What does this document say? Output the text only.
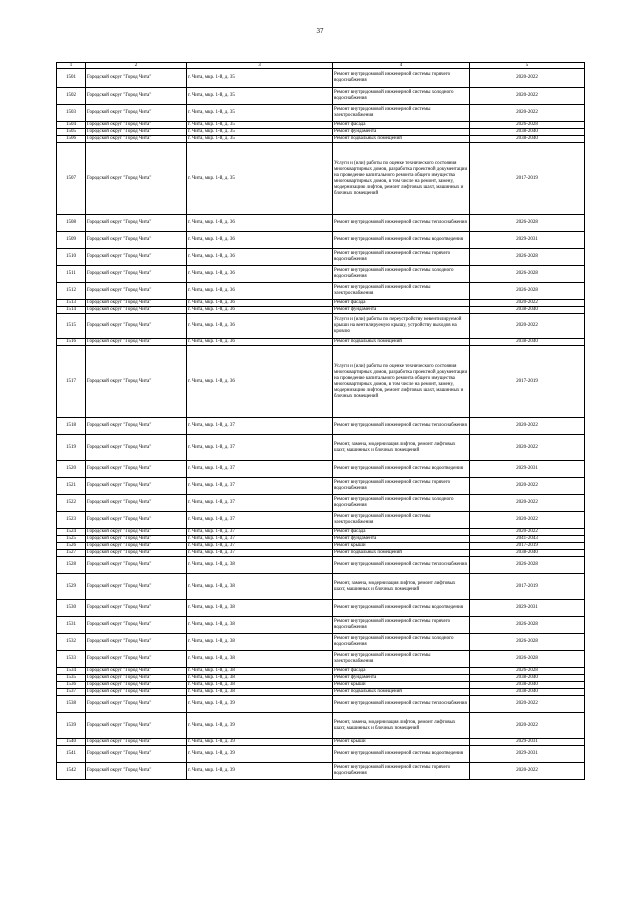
37
1	2	3	4	5
1501	Городской округ "Город Чита"	г. Чита, мкр. 1-й, д. 35	Ремонт внутридомовой инженерной системы горячего водоснабжения	2020-2022
1502	Городской округ "Город Чита"	г. Чита, мкр. 1-й, д. 35	Ремонт внутридомовой инженерной системы холодного водоснабжения	2020-2022
1503	Городской округ "Город Чита"	г. Чита, мкр. 1-й, д. 35	Ремонт внутридомовой инженерной системы электроснабжения	2020-2022
1504	Городской округ "Город Чита"	г. Чита, мкр. 1-й, д. 35	Ремонт фасада	2026-2028
1505	Городской округ "Город Чита"	г. Чита, мкр. 1-й, д. 35	Ремонт фундамента	2038-2040
1506	Городской округ "Город Чита"	г. Чита, мкр. 1-й, д. 35	Ремонт подвальных помещений	2038-2040
1507	Городской округ "Город Чита"	г. Чита, мкр. 1-й, д. 35	Услуги и (или) работы по оценке технического состояния многоквартирных домов, разработка проектной документации на проведение капитального ремонта общего имущества многоквартирных домов, в том числе на ремонт, замену, модернизацию лифтов, ремонт лифтовых шахт, машинных и блочных помещений	2017-2019
1508	Городской округ "Город Чита"	г. Чита, мкр. 1-й, д. 36	Ремонт внутридомовой инженерной системы теплоснабжения	2026-2028
1509	Городской округ "Город Чита"	г. Чита, мкр. 1-й, д. 36	Ремонт внутридомовой инженерной системы водоотведения	2029-2031
1510	Городской округ "Город Чита"	г. Чита, мкр. 1-й, д. 36	Ремонт внутридомовой инженерной системы горячего водоснабжения	2026-2028
1511	Городской округ "Город Чита"	г. Чита, мкр. 1-й, д. 36	Ремонт внутридомовой инженерной системы холодного водоснабжения	2026-2028
1512	Городской округ "Город Чита"	г. Чита, мкр. 1-й, д. 36	Ремонт внутридомовой инженерной системы электроснабжения	2026-2028
1513	Городской округ "Город Чита"	г. Чита, мкр. 1-й, д. 36	Ремонт фасада	2020-2022
1514	Городской округ "Город Чита"	г. Чита, мкр. 1-й, д. 36	Ремонт фундамента	2038-2040
1515	Городской округ "Город Чита"	г. Чита, мкр. 1-й, д. 36	Услуги и (или) работы по переустройству невентилируемой крыши на вентилируемую крышу, устройству выходов на кровлю	2020-2022
1516	Городской округ "Город Чита"	г. Чита, мкр. 1-й, д. 36	Ремонт подвальных помещений	2038-2040
1517	Городской округ "Город Чита"	г. Чита, мкр. 1-й, д. 36	Услуги и (или) работы по оценке технического состояния многоквартирных домов, разработка проектной документации на проведение капитального ремонта общего имущества многоквартирных домов, в том числе на ремонт, замену, модернизацию лифтов, ремонт лифтовых шахт, машинных и блочных помещений	2017-2019
1518	Городской округ "Город Чита"	г. Чита, мкр. 1-й, д. 37	Ремонт внутридомовой инженерной системы теплоснабжения	2020-2022
1519	Городской округ "Город Чита"	г. Чита, мкр. 1-й, д. 37	Ремонт, замена, модернизация лифтов, ремонт лифтовых шахт, машинных и блочных помещений	2020-2022
1520	Городской округ "Город Чита"	г. Чита, мкр. 1-й, д. 37	Ремонт внутридомовой инженерной системы водоотведения	2029-2031
1521	Городской округ "Город Чита"	г. Чита, мкр. 1-й, д. 37	Ремонт внутридомовой инженерной системы горячего водоснабжения	2020-2022
1522	Городской округ "Город Чита"	г. Чита, мкр. 1-й, д. 37	Ремонт внутридомовой инженерной системы холодного водоснабжения	2020-2022
1523	Городской округ "Город Чита"	г. Чита, мкр. 1-й, д. 37	Ремонт внутридомовой инженерной системы электроснабжения	2020-2022
1524	Городской округ "Город Чита"	г. Чита, мкр. 1-й, д. 37	Ремонт фасада	2020-2022
1525	Городской округ "Город Чита"	г. Чита, мкр. 1-й, д. 37	Ремонт фундамента	2041-2043
1526	Городской округ "Город Чита"	г. Чита, мкр. 1-й, д. 37	Ремонт крыши	2017-2019
1527	Городской округ "Город Чита"	г. Чита, мкр. 1-й, д. 37	Ремонт подвальных помещений	2038-2040
1528	Городской округ "Город Чита"	г. Чита, мкр. 1-й, д. 38	Ремонт внутридомовой инженерной системы теплоснабжения	2026-2028
1529	Городской округ "Город Чита"	г. Чита, мкр. 1-й, д. 38	Ремонт, замена, модернизация лифтов, ремонт лифтовых шахт, машинных и блочных помещений	2017-2019
1530	Городской округ "Город Чита"	г. Чита, мкр. 1-й, д. 38	Ремонт внутридомовой инженерной системы водоотведения	2029-2031
1531	Городской округ "Город Чита"	г. Чита, мкр. 1-й, д. 38	Ремонт внутридомовой инженерной системы горячего водоснабжения	2026-2028
1532	Городской округ "Город Чита"	г. Чита, мкр. 1-й, д. 38	Ремонт внутридомовой инженерной системы холодного водоснабжения	2026-2028
1533	Городской округ "Город Чита"	г. Чита, мкр. 1-й, д. 38	Ремонт внутридомовой инженерной системы электроснабжения	2026-2028
1534	Городской округ "Город Чита"	г. Чита, мкр. 1-й, д. 38	Ремонт фасада	2026-2028
1535	Городской округ "Город Чита"	г. Чита, мкр. 1-й, д. 38	Ремонт фундамента	2038-2040
1536	Городской округ "Город Чита"	г. Чита, мкр. 1-й, д. 38	Ремонт крыши	2038-2040
1537	Городской округ "Город Чита"	г. Чита, мкр. 1-й, д. 38	Ремонт подвальных помещений	2038-2040
1538	Городской округ "Город Чита"	г. Чита, мкр. 1-й, д. 39	Ремонт внутридомовой инженерной системы теплоснабжения	2020-2022
1539	Городской округ "Город Чита"	г. Чита, мкр. 1-й, д. 39	Ремонт, замена, модернизация лифтов, ремонт лифтовых шахт, машинных и блочных помещений	2020-2022
1540	Городской округ "Город Чита"	г. Чита, мкр. 1-й, д. 39	Ремонт крыши	2029-2031
1541	Городской округ "Город Чита"	г. Чита, мкр. 1-й, д. 39	Ремонт внутридомовой инженерной системы водоотведения	2029-2031
1542	Городской округ "Город Чита"	г. Чита, мкр. 1-й, д. 39	Ремонт внутридомовой инженерной системы горячего водоснабжения	2020-2022
